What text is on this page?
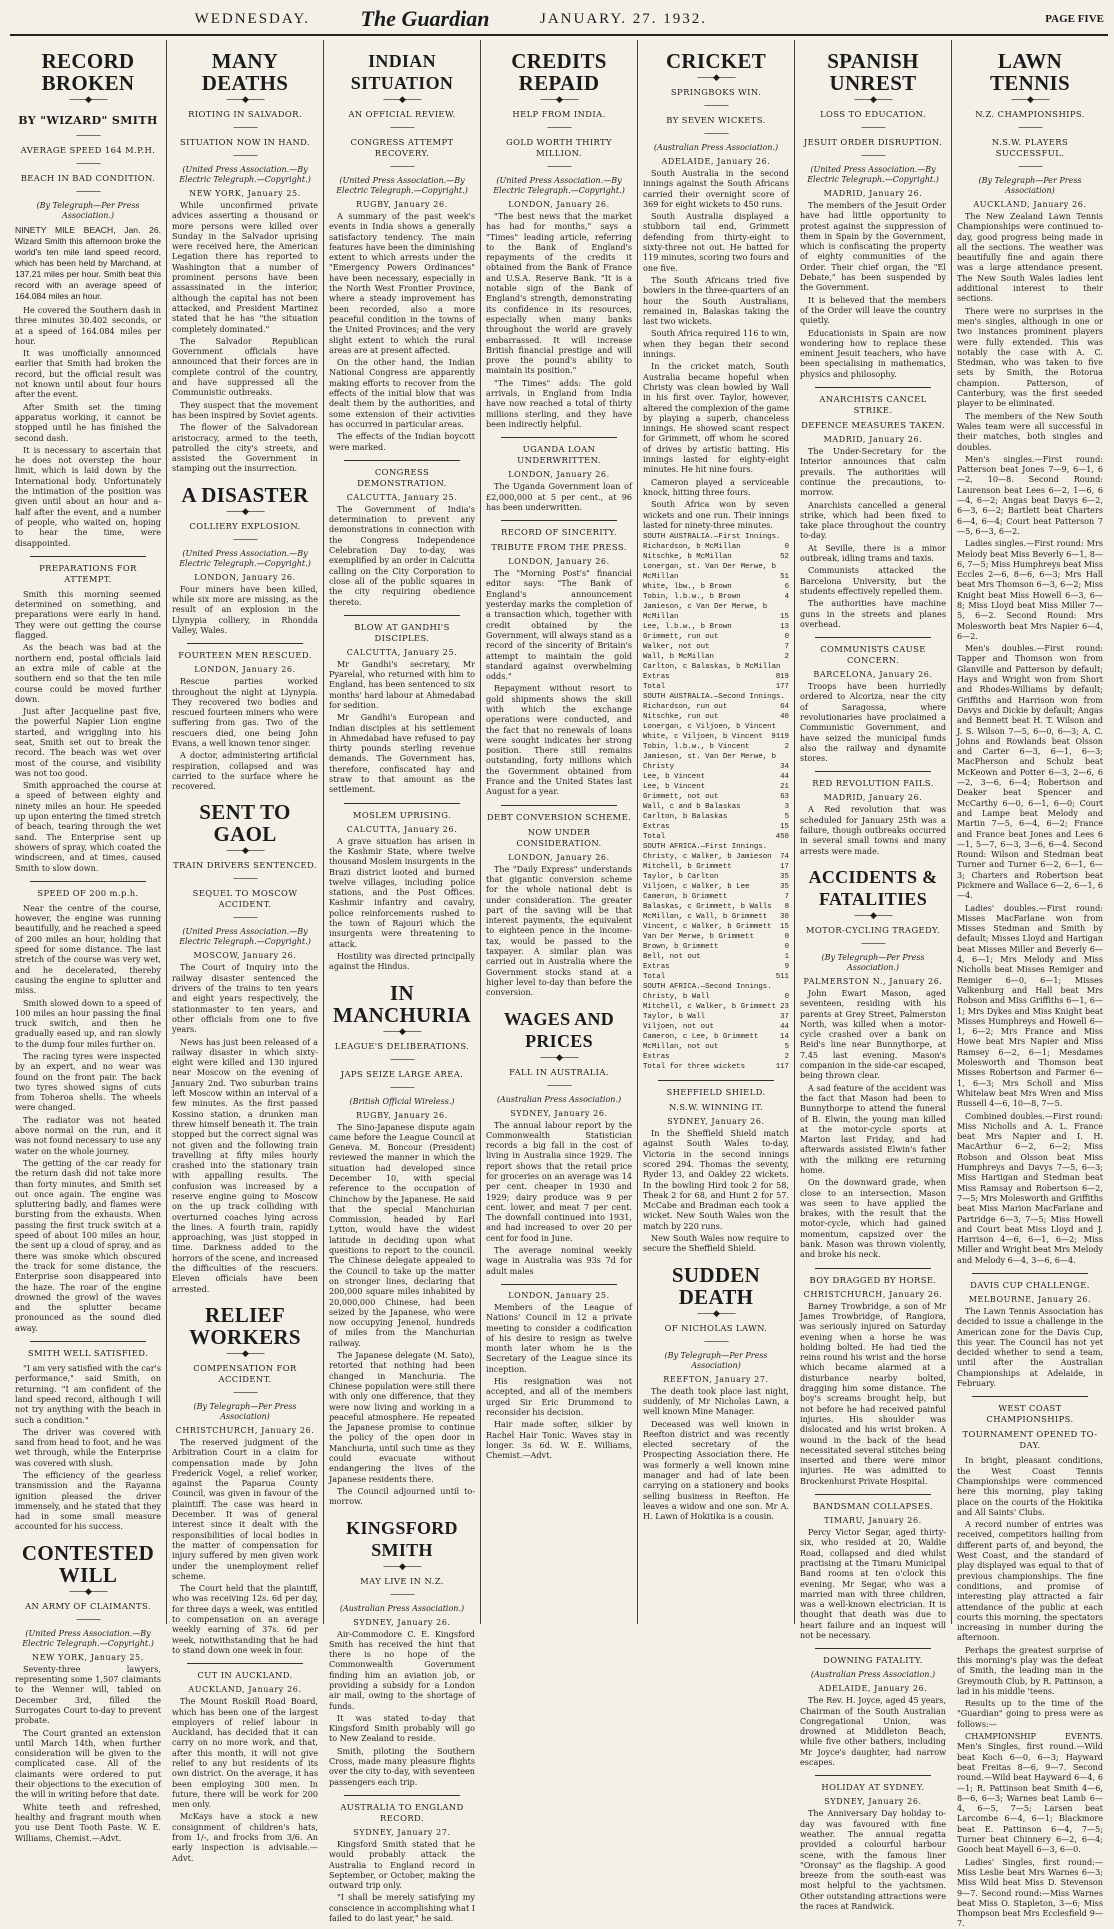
WEDNESDAY.	The Guardian	JANUARY. 27. 1932.	PAGE FIVE
RECORD BROKEN
——◆——
BY "WIZARD" SMITH
———
AVERAGE SPEED 164 M.P.H.
———
BEACH IN BAD CONDITION.
———
(By Telegraph—Per Press Association.)
NINETY MILE BEACH, Jan. 26. Wizard Smith this afternoon broke the world's ten mile land speed record, which has been held by Marchand, at 137.21 miles per hour. Smith beat this record with an average speed of 164.084 miles an hour.

He covered the Southern dash in three minutes 30.402 seconds, or at a speed of 164.084 miles per hour.

It was unofficially announced earlier that Smith had broken the record, but the official result was not known until about four hours after the event.

After Smith set the timing apparatus working, it cannot be stopped until he has finished the second dash.

It is necessary to ascertain that he does not overstep the hour limit, which is laid down by the International body. Unfortunately the intimation of the position was given until about an hour and a-half after the event, and a number of people, who waited on, hoping to hear the time, were disappointed.

PREPARATIONS FOR ATTEMPT.

Smith this morning seemed determined on something, and preparations were early in hand. They were out getting the course flagged.

As the beach was bad at the northern end, postal officials laid an extra mile of cable at the southern end so that the ten mile course could be moved further down.

Just after Jacqueline past five, the powerful Napier Lion engine started, and wriggling into his seat, Smith set out to break the record. The beach was wet over most of the course, and visibility was not too good.

Smith approached the course at a speed of between eighty and ninety miles an hour. He speeded up upon entering the timed stretch of beach, tearing through the wet sand. The Enterprise sent up showers of spray, which coated the windscreen, and at times, caused Smith to slow down.

SPEED OF 200 m.p.h.

Near the centre of the course, however, the engine was running beautifully, and he reached a speed of 200 miles an hour, holding that speed for some distance. The last stretch of the course was very wet, and he decelerated, thereby causing the engine to splutter and miss.

Smith slowed down to a speed of 100 miles an hour passing the final truck switch, and then he gradually eased up, and ran slowly to the dump four miles further on.

The racing tyres were inspected by an expert, and no wear was found on the front pair. The back two tyres showed signs of cuts from Toheroa shells. The wheels were changed.

The radiator was not heated above normal on the run, and it was not found necessary to use any water on the whole journey.

The getting of the car ready for the return dash did not take more than forty minutes, and Smith set out once again. The engine was spluttering badly, and flames were bursting from the exhausts. When passing the first truck switch at a speed of about 100 miles an hour, the sent up a cloud of spray, and as there was smoke which obscured the track for some distance, the Enterprise soon disappeared into the haze. The roar of the engine drowned the growl of the waves and the splutter became pronounced as the sound died away.

SMITH WELL SATISFIED.

"I am very satisfied with the car's performance," said Smith, on returning. "I am confident of the land speed record, although I will not try anything with the beach in such a condition."

The driver was covered with sand from head to foot, and he was wet through, while the Enterprise was covered with slush.

The efficiency of the gearless transmission and the Rayanna ignition pleased the driver immensely, and he stated that they had in some small measure accounted for his success.

CONTESTED WILL
——◆——
AN ARMY OF CLAIMANTS.
———
(United Press Association.—By Electric Telegraph.—Copyright.)
NEW YORK, January 25.

Seventy-three lawyers, representing some 1,507 claimants to the Wenner will, tabled on December 3rd, filled the Surrogates Court to-day to prevent probate.

The Court granted an extension until March 14th, when further consideration will be given to the complicated case. All of the claimants were ordered to put their objections to the execution of the will in writing before that date.

White teeth and refreshed, healthy and fragrant mouth when you use Dent Tooth Paste. W. E. Williams, Chemist.—Advt.

MANY DEATHS
——◆——
RIOTING IN SALVADOR.
———
SITUATION NOW IN HAND.
———
(United Press Association.—By Electric Telegraph.—Copyright.)
NEW YORK, January 25.

While unconfirmed private advices asserting a thousand or more persons were killed over Sunday in the Salvador uprising were received here, the American Legation there has reported to Washington that a number of prominent persons have been assassinated in the interior, although the capital has not been attacked, and President Martinez stated that he has "the situation completely dominated."

The Salvador Republican Government officials have announced that their forces are in complete control of the country, and have suppressed all the Communistic outbreaks.

They suspect that the movement has been inspired by Soviet agents.

The flower of the Salvadorean aristocracy, armed to the teeth, patrolled the city's streets, and assisted the Government in stamping out the insurrection.

A DISASTER
——◆——
COLLIERY EXPLOSION.
———
(United Press Association.—By Electric Telegraph.—Copyright.)
LONDON, January 26.

Four miners have been killed, while six more are missing, as the result of an explosion in the Llynypia colliery, in Rhondda Valley, Wales.

FOURTEEN MEN RESCUED.
LONDON, January 26.

Rescue parties worked throughout the night at Llynypia. They recovered two bodies and rescued fourteen miners who were suffering from gas. Two of the rescuers died, one being John Evans, a well known tenor singer.

A doctor, administering artificial respiration, collapsed and was carried to the surface where he recovered.

SENT TO GAOL
——◆——
TRAIN DRIVERS SENTENCED.
———
SEQUEL TO MOSCOW ACCIDENT.
———
(United Press Association.—By Electric Telegraph.—Copyright.)
MOSCOW, January 26.

The Court of Inquiry into the railway disaster sentenced the drivers of the trains to ten years and eight years respectively, the stationmaster to ten years, and other officials from one to five years.

News has just been released of a railway disaster in which sixty-eight were killed and 130 injured near Moscow on the evening of January 2nd. Two suburban trains left Moscow within an interval of a few minutes. As the first passed Kossino station, a drunken man threw himself beneath it. The train stopped but the correct signal was not given and the following train travelling at fifty miles hourly crashed into the stationary train with appalling results. The confusion was increased by a reserve engine going to Moscow on the up track colliding with overturned coaches lying across the lines. A fourth train, rapidly approaching, was just stopped in time. Darkness added to the horrors of the scene, and increased the difficulties of the rescuers. Eleven officials have been arrested.

RELIEF WORKERS
——◆——
COMPENSATION FOR ACCIDENT.
———
(By Telegraph—Per Press Association)
CHRISTCHURCH, January 26.

The reserved judgment of the Arbitration Court in a claim for compensation made by John Frederick Vogel, a relief worker, against the Paparua County Council, was given in favour of the plaintiff. The case was heard in December. It was of general interest since it dealt with the responsibilities of local bodies in the matter of compensation for injury suffered by men given work under the unemployment relief scheme.

The Court held that the plaintiff, who was receiving 12s. 6d per day, for three days a week, was entitled to compensation on an average weekly earning of 37s. 6d per week, notwithstanding that he had to stand down one week in four.

CUT IN AUCKLAND.
AUCKLAND, January 26.

The Mount Roskill Road Board, which has been one of the largest employers of relief labour in Auckland, has decided that it can carry on no more work, and that, after this month, it will not give relief to any but residents of its own district. On the average, it has been employing 300 men. In future, there will be work for 200 men only.

McKays have a stock a new consignment of children's hats, from 1/-, and frocks from 3/6. An early inspection is advisable.—Advt.

INDIAN SITUATION
——◆——
AN OFFICIAL REVIEW.
———
CONGRESS ATTEMPT RECOVERY.
———
(United Press Association.—By Electric Telegraph.—Copyright.)
RUGBY, January 26.

A summary of the past week's events in India shows a generally satisfactory tendency. The main features have been the diminishing extent to which arrests under the "Emergency Powers Ordinances" have been necessary, especially in the North West Frontier Province, where a steady improvement has been recorded, also a more peaceful condition in the towns of the United Provinces; and the very slight extent to which the rural areas are at present affected.

On the other hand, the Indian National Congress are apparently making efforts to recover from the effects of the initial blow that was dealt them by the authorities, and some extension of their activities has occurred in particular areas.

The effects of the Indian boycott were marked.

CONGRESS DEMONSTRATION.
CALCUTTA, January 25.

The Government of India's determination to prevent any demonstrations in connection with the Congress Independence Celebration Day to-day, was exemplified by an order in Calcutta calling on the City Corporation to close all of the public squares in the city requiring obedience thereto.

BLOW AT GANDHI'S DISCIPLES.
CALCUTTA, January 25.

Mr Gandhi's secretary, Mr Pyarelal, who returned with him to England, has been sentenced to six months' hard labour at Ahmedabad for sedition.

Mr Gandhi's European and Indian disciples at his settlement in Ahmedabad have refused to pay thirty pounds sterling revenue demands. The Government has, therefore, confiscated hay and straw to that amount as the settlement.

MOSLEM UPRISING.
CALCUTTA, January 26.

A grave situation has arisen in the Kashmir State, where twelve thousand Moslem insurgents in the Brazi district looted and burned twelve villages, including police stations, and the Post Offices. Kashmir infantry and cavalry, police reinforcements rushed to the town of Rajouri which the insurgents were threatening to attack.

Hostility was directed principally against the Hindus.

IN MANCHURIA
——◆——
LEAGUE'S DELIBERATIONS.
———
JAPS SEIZE LARGE AREA.
———
(British Official Wireless.)
RUGBY, January 26.

The Sino-Japanese dispute again came before the League Council at Geneva. M. Boncour (President) reviewed the manner in which the situation had developed since December 10, with special reference to the occupation of Chinchow by the Japanese. He said that the special Manchurian Commission, headed by Earl Lytton, would have the widest latitude in deciding upon what questions to report to the council. The Chinese delegate appealed to the Council to take up the matter on stronger lines, declaring that 200,000 square miles inhabited by 20,000,000 Chinese, had been seized by the Japanese, who were now occupying Jenenol, hundreds of miles from the Manchurian railway.

The Japanese delegate (M. Sato), retorted that nothing had been changed in Manchuria. The Chinese population were still there with only one difference, that they were now living and working in a peaceful atmosphere. He repeated the Japanese promise to continue the policy of the open door in Manchuria, until such time as they could evacuate without endangering the lives of the Japanese residents there.

The Council adjourned until to-morrow.

KINGSFORD SMITH
——◆——
MAY LIVE IN N.Z.
———
(Australian Press Association.)
SYDNEY, January 26.

Air-Commodore C. E. Kingsford Smith has received the hint that there is no hope of the Commonwealth Government finding him an aviation job, or providing a subsidy for a London air mail, owing to the shortage of funds.

It was stated to-day that Kingsford Smith probably will go to New Zealand to reside.

Smith, piloting the Southern Cross, made many pleasure flights over the city to-day, with seventeen passengers each trip.

AUSTRALIA TO ENGLAND RECORD.
SYDNEY, January 27.

Kingsford Smith stated that he would probably attack the Australia to England record in September, or October, making the outward trip only.

"I shall be merely satisfying my conscience in accomplishing what I failed to do last year," he said.

CREDITS REPAID
——◆——
HELP FROM INDIA.
———
GOLD WORTH THIRTY MILLION.
———
(United Press Association.—By Electric Telegraph.—Copyright.)
LONDON, January 26.

"The best news that the market has had for months," says a "Times" leading article, referring to the Bank of England's repayments of the credits it obtained from the Bank of France and U.S.A. Reserve Bank. "It is a notable sign of the Bank of England's strength, demonstrating its confidence in its resources, especially when many banks throughout the world are gravely embarrassed. It will increase British financial prestige and will prove the pound's ability to maintain its position."

"The Times" adds: The gold arrivals, in England from India have now reached a total of thirty millions sterling, and they have been indirectly helpful.

UGANDA LOAN UNDERWRITTEN.
LONDON, January 26.

The Uganda Government loan of £2,000,000 at 5 per cent., at 96 has been underwritten.

RECORD OF SINCERITY.
TRIBUTE FROM THE PRESS.
LONDON, January 26.

The "Morning Post's" financial editor says: "The Bank of England's announcement yesterday marks the completion of a transaction which, together with credit obtained by the Government, will always stand as a record of the sincerity of Britain's attempt to maintain the gold standard against overwhelming odds."

Repayment without resort to gold shipments shows the skill with which the exchange operations were conducted, and the fact that no renewals of loans were sought indicates her strong position. There still remains outstanding, forty millions which the Government obtained from France and the United States last August for a year.

DEBT CONVERSION SCHEME.
NOW UNDER CONSIDERATION.
LONDON, January 26.

The "Daily Express" understands that gigantic conversion scheme for the whole national debt is under consideration. The greater part of the saving will be that interest payments, the equivalent to eighteen pence in the income-tax, would be passed to the taxpayer. A similar plan was carried out in Australia where the Government stocks stand at a higher level to-day than before the conversion.

WAGES AND PRICES
——◆——
FALL IN AUSTRALIA.
———
(Australian Press Association.)
SYDNEY, January 26.

The annual labour report by the Commonwealth Statistician records a big fall in the cost of living in Australia since 1929. The report shows that the retail price for groceries on an average was 14 per cent. cheaper in 1930 and 1929; dairy produce was 9 per cent. lower, and meat 7 per cent. The downfall continued into 1931, and had increased to over 20 per cent for food in June.

The average nominal weekly wage in Australia was 93s 7d for adult males

LONDON, January 25.

Members of the League of Nations' Council in 12 a private meeting to consider a codification of his desire to resign as twelve month later whom he is the Secretary of the League since its inception.

His resignation was not accepted, and all of the members urged Sir Eric Drummond to reconsider his decision.

Hair made softer, silkier by Rachel Hair Tonic. Waves stay in longer. 3s 6d. W. E. Williams, Chemist.—Advt.

CRICKET
——◆——
SPRINGBOKS WIN.
———
BY SEVEN WICKETS.
———
(Australian Press Association.)
ADELAIDE, January 26.

South Australia in the second innings against the South Africans carried their overnight score of 369 for eight wickets to 450 runs.

South Australia displayed a stubborn tail end, Grimmett defending from thirty-eight to sixty-three not out. He batted for 119 minutes, scoring two fours and one five.

The South Africans tried five bowlers in the three-quarters of an hour the South Australians, remained in, Balaskas taking the last two wickets.

South Africa required 116 to win, when they began their second innings.

In the cricket match, South Australia became hopeful when Christy was clean bowled by Wall in his first over. Taylor, however, altered the complexion of the game by playing a superb, chanceless innings. He showed scant respect for Grimmett, off whom he scored of drives by artistic batting. His innings lasted for eighty-eight minutes. He hit nine fours.

Cameron played a serviceable knock, hitting three fours.

South Africa won by seven wickets and one run. Their innings lasted for ninety-three minutes.

SOUTH AUSTRALIA.—First Innings.
Richardson, b McMillan	0
Nitschke, b McMillan	52
Lonergan, st. Van Der Merwe, b McMillan	51
White, lbw., b Brown	6
Tobin, l.b.w., b Brown	4
Jamieson, c Van Der Merwe, b McMillan	15
Lee, l.b.w., b Brown	13
Grimmett, run out	0
Walker, not out	7
Wall, b McMillan	2
Carlton, c Balaskas, b McMillan
19
Extras	8
Total	177
SOUTH AUSTRALIA.—Second Innings.
Richardson, run out	64
Nitschke, run out	40
Lonergan, c Viljoen, b Vincent
119
White, c Viljoen, b Vincent 9
Tobin, l.b.w., b Vincent	2
Jamieson, st. Van Der Merwe, b Christy	34
Lee, b Vincent	44
Lee, b Vincent	21
Grimmett, not out	63
Wall, c and b Balaskas	3
Carlton, b Balaskas	5
Extras	15
Total	450
SOUTH AFRICA.—First Innings.
Christy, c Walker, b Jamieson 74
Mitchell, b Grimmett	17
Taylor, b Carlton	35
Viljoen, c Walker, b Lee	35
Cameron, b Grimmett	7
Balaskas, c Grimmett, b Walls 8
McMillan, c Wall, b Grimmett 30
Vincent, c Walker, b Grimmett 15
Van Der Merwe, b Grimmett	0
Brown, b Grimmett	0
Bell, not out	1
Extras	9
Total	511
SOUTH AFRICA.—Second Innings.
Christy, b Wall	0
Mitchell, c Walker, b Grimmett 23
Taylor, b Wall	37
Viljoen, not out	44
Cameron, c Lee, b Grimmett	14
McMillan, not out	5
Extras	2
Total for three wickets	117
SHEFFIELD SHIELD.
N.S.W. WINNING IT.
SYDNEY, January 26.

In the Sheffield Shield match against South Wales to-day, Victoria in the second innings scored 294. Thomas the seventy, Ryder 13, and Oakley 22 wickets. In the bowling Hird took 2 for 58, Theak 2 for 68, and Hunt 2 for 57. McCabe and Bradman each took a wicket. New South Wales won the match by 220 runs.

New South Wales now require to secure the Sheffield Shield.

SUDDEN DEATH
——◆——
OF NICHOLAS LAWN.
———
(By Telegraph—Per Press Association)
REEFTON, January 27.

The death took place last night, suddenly, of Mr Nicholas Lawn, a well known Mine Manager.

Deceased was well known in Reefton district and was recently elected secretary of the Prospecting Association there. He was formerly a well known mine manager and had of late been carrying on a stationery and books selling business in Reefton. He leaves a widow and one son. Mr A. H. Lawn of Hokitika is a cousin.

SPANISH UNREST
——◆——
LOSS TO EDUCATION.
———
JESUIT ORDER DISRUPTION.
———
(United Press Association.—By Electric Telegraph.—Copyright.)
MADRID, January 26.

The members of the Jesuit Order have had little opportunity to protest against the suppression of them in Spain by the Government, which is confiscating the property of eighty communities of the Order. Their chief organ, the "El Debate," has been suspended by the Government.

It is believed that the members of the Order will leave the country quietly.

Educationists in Spain are now wondering how to replace these eminent Jesuit teachers, who have been specialising in mathematics, physics and philosophy.

ANARCHISTS CANCEL STRIKE.
DEFENCE MEASURES TAKEN.
MADRID, January 26.

The Under-Secretary for the Interior announces that calm prevails. The authorities will continue the precautions, to-morrow.

Anarchists cancelled a general strike, which had been fixed to take place throughout the country to-day.

At Seville, there is a minor outbreak, idling trams and taxis.

Communists attacked the Barcelona University, but the students effectively repelled them.

The authorities have machine guns in the streets and planes overhead.

COMMUNISTS CAUSE CONCERN.
BARCELONA, January 26.

Troops have been hurriedly ordered to Alcoriza, near the city of Saragossa, where revolutionaries have proclaimed a Communistic Government, and have seized the municipal funds also the railway and dynamite stores.

RED REVOLUTION FAILS.
MADRID, January 26.

A Red revolution that was scheduled for January 25th was a failure, though outbreaks occurred in several small towns and many arrests were made.

ACCIDENTS & FATALITIES
——◆——
MOTOR-CYCLING TRAGEDY.
———
(By Telegraph—Per Press Association.)
PALMERSTON N., January 26.

John Ewart Mason, aged seventeen, residing with his parents at Grey Street, Palmerston North, was killed when a motor-cycle crashed over a bank on Reid's line near Bunnythorpe, at 7.45 last evening. Mason's companion in the side-car escaped, being thrown clear.

A sad feature of the accident was the fact that Mason had been to Bunnythorpe to attend the funeral of B. Elwin, the young man killed at the motor-cycle sports at Marton last Friday, and had afterwards assisted Elwin's father with the milking ere returning home.

On the downward grade, when close to an intersection, Mason was seen to have applied the brakes, with the result that the motor-cycle, which had gained momentum, capsized over the bank. Mason was thrown violently, and broke his neck.

BOY DRAGGED BY HORSE.
CHRISTCHURCH, January 26.

Barney Trowbridge, a son of Mr James Trowbridge, of Rangiora, was seriously injured on Saturday evening when a horse he was holding bolted. He had tied the reins round his wrist and the horse which became alarmed at a disturbance nearby bolted, dragging him some distance. The boy's screams brought help, but not before he had received painful injuries. His shoulder was dislocated and his wrist broken. A wound in the back of the head necessitated several stitches being inserted and there were minor injuries. He was admitted to Brockenhurst Private Hospital.

BANDSMAN COLLAPSES.
TIMARU, January 26.

Percy Victor Segar, aged thirty-six, who resided at 20, Waldie Road, collapsed and died whilst practising at the Timaru Municipal Band rooms at ten o'clock this evening. Mr Segar, who was a married man with three children, was a well-known electrician. It is thought that death was due to heart failure and an inquest will not be necessary.

DOWNING FATALITY.
(Australian Press Association.)
ADELAIDE, January 26.

The Rev. H. Joyce, aged 45 years, Chairman of the South Australian Congregational Union, was drowned at Middleton Beach, while five other bathers, including Mr Joyce's daughter, had narrow escapes.

HOLIDAY AT SYDNEY.
SYDNEY, January 26.

The Anniversary Day holiday to-day was favoured with fine weather. The annual regatta provided a colourful harbour scene, with the famous liner "Oronsay" as the flagship. A good breeze from the south-east was most helpful to the yachtsmen. Other outstanding attractions were the races at Randwick.

LAWN TENNIS
——◆——
N.Z. CHAMPIONSHIPS.
———
N.S.W. PLAYERS SUCCESSFUL.
———
(By Telegraph—Per Press Association)
AUCKLAND, January 26.

The New Zealand Lawn Tennis Championships were continued to-day, good progress being made in all the sections. The weather was beautifully fine and again there was a large attendance present. The New South Wales ladies lent additional interest to their sections.

There were no surprises in the men's singles, although in one or two instances prominent players were fully extended. This was notably the case with A. C. Stedman, who was taken to five sets by Smith, the Rotorua champion. Patterson, of Canterbury, was the first seeded player to be eliminated.

The members of the New South Wales team were all successful in their matches, both singles and doubles.

Men's singles.—First round: Patterson beat Jones 7—9, 6—1, 6—2, 10—8. Second Round: Laurenson beat Lees 6—2, 1—6, 6—4, 6—2; Angas beat Davys 6—2, 6—3, 6—2; Bartlett beat Charters 6—4, 6—4; Court beat Patterson 7—5, 6—3, 6—2.

Ladies singles.—First round: Mrs Melody beat Miss Beverly 6—1, 8—6, 7—5; Miss Humphreys beat Miss Eccles 2—6, 8—6, 6—3; Mrs Hall beat Mrs Thomson 6—3, 6—2; Miss Knight beat Miss Howell 6—3, 6—8; Miss Lloyd beat Miss Miller 7—5, 6—2. Second Round: Mrs Molesworth beat Mrs Napier 6—4, 6—2.

Men's doubles.—First round: Tapper and Thomson won from Glanville and Patterson by default; Hays and Wright won from Short and Rhodes-Williams by default; Griffiths and Harrison won from Davys and Dickie by default; Angas and Bennett beat H. T. Wilson and J. S. Wilson 7—5, 6—0, 6—3; A. C. Johns and Rowlands beat Olsson and Carter 6—3, 6—1, 6—3; MacPherson and Schulz beat McKeown and Potter 6—3, 2—6, 6—2, 3—6, 6—4; Robertson and Deaker beat Spencer and McCarthy 6—0, 6—1, 6—0; Court and Lampe beat Melody and Martin 7—5, 6—4, 6—2; France and France beat Jones and Lees 6—1, 5—7, 6—3, 3—6, 6—4. Second Round: Wilson and Stedman beat Turner and Turner 6—2, 6—1, 6—3; Charters and Robertson beat Pickmere and Wallace 6—2, 6—1, 6—4.

Ladies' doubles.—First round: Misses MacFarlane won from Misses Stedman and Smith by default; Misses Lloyd and Hartigan beat Misses Miller and Beverly 6—4, 6—1; Mrs Melody and Miss Nicholls beat Misses Remiger and Remiger 6—0, 6—1; Misses Valkenburg and Hall beat Mrs Robson and Miss Griffiths 6—1, 6—1; Mrs Dykes and Miss Knight beat Misses Humphreys and Howell 6—1, 6—2; Mrs France and Miss Howe beat Mrs Napier and Miss Ramsey 6—2, 6—1; Mesdames Molesworth and Thomson beat Misses Robertson and Farmer 6—1, 6—3; Mrs Scholl and Miss Whitelaw beat Mrs Wren and Miss Russell 4—6, 10—8, 7—5.

Combined doubles.—First round: Miss Nicholls and A. L. France beat Mrs Napier and I. H. MacArthur 6—2, 6—2; Miss Robson and Olsson beat Miss Humphreys and Davys 7—5, 6—3; Miss Hartigan and Stedman beat Miss Ramsay and Robertson 6—2, 7—5; Mrs Molesworth and Griffiths beat Miss Marion MacFarlane and Partridge 6—3, 7—5; Miss Howell and Court beat Miss Lloyd and J. Harrison 4—6, 6—1, 6—2; Miss Miller and Wright beat Mrs Melody and Melody 6—4, 3—6, 6—4.

DAVIS CUP CHALLENGE.
MELBOURNE, January 26.

The Lawn Tennis Association has decided to issue a challenge in the American zone for the Davis Cup, this year. The Council has not yet decided whether to send a team, until after the Australian Championships at Adelaide, in February.

WEST COAST CHAMPIONSHIPS.
TOURNAMENT OPENED TO-DAY.

In bright, pleasant conditions, the West Coast Tennis Championships were commenced here this morning, play taking place on the courts of the Hokitika and All Saints' Clubs.

A record number of entries was received, competitors hailing from different parts of, and beyond, the West Coast, and the standard of play displayed was equal to that of previous championships. The fine conditions, and promise of interesting play attracted a fair attendance of the public at each courts this morning, the spectators increasing in number during the afternoon.

Perhaps the greatest surprise of this morning's play was the defeat of Smith, the leading man in the Greymouth Club, by R. Pattinson, a lad in his middle 'teens.

Results up to the time of the "Guardian" going to press were as follows:—

CHAMPIONSHIP EVENTS. Men's Singles, first round.—Wild beat Koch 6—0, 6—3; Hayward beat Freitas 8—6, 9—7. Second round.—Wild beat Hayward 6—4, 6—1; R. Pattinson beat Smith 4—6, 8—6, 6—3; Warnes beat Lamb 6—4, 6—5, 7—5; Larsen beat Larcombe 6—4, 6—1; Blackmore beat E. Pattinson 6—4, 7—5; Turner beat Chinnery 6—2, 6—4; Gooch beat Mayell 6—3, 6—0.

Ladies' Singles, first round:—Miss Leslie beat Mrs Warnes 6—3; Miss Wild beat Miss D. Stevenson 9—7. Second round:—Miss Warnes beat Miss O. Stapleton, 3—6; Miss Thompson beat Mrs Ecclesfield 9—7.
